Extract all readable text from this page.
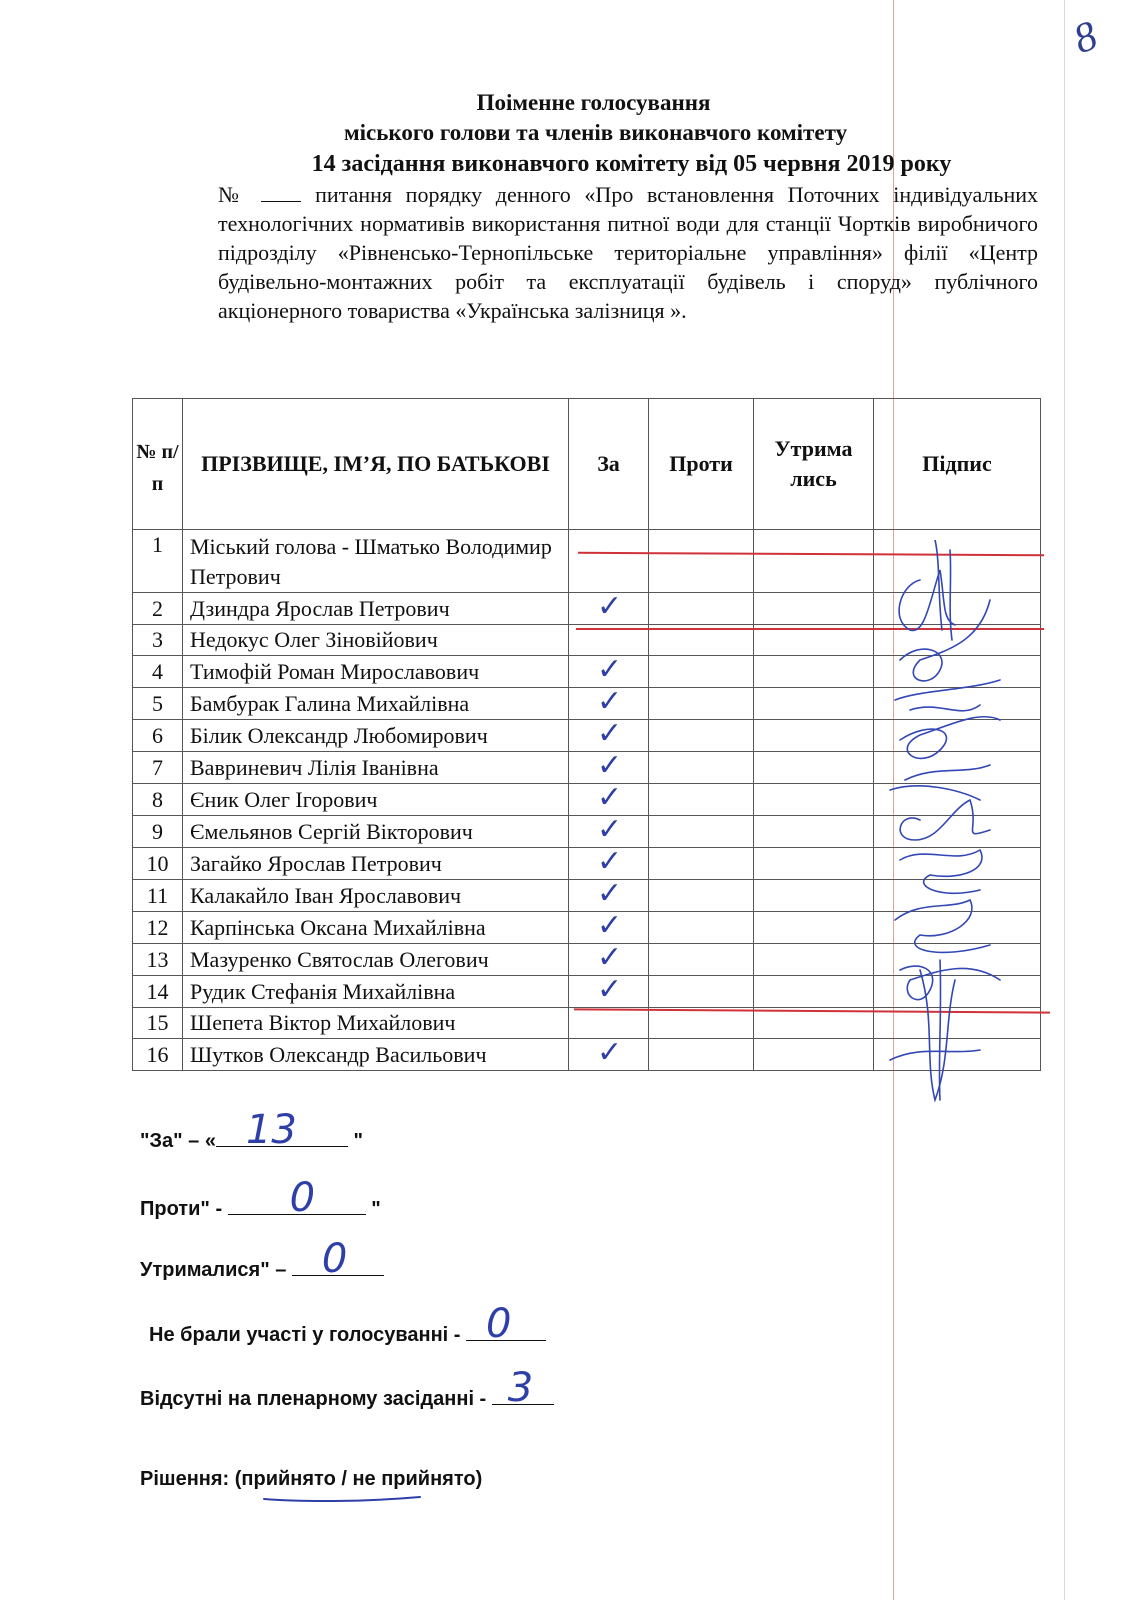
8
Поіменне голосування
міського голови та членів виконавчого комітету
14 засідання виконавчого комітету від 05 червня 2019 року
№	питання порядку денного «Про встановлення Поточних індивідуальних технологічних нормативів використання питної води для станції Чортків виробничого підрозділу «Рівненсько-Тернопільське територіальне управління» філії «Центр будівельно-монтажних робіт та експлуатації будівель і споруд» публічного акціонерного товариства «Українська залізниця ».
№ п/ п	ПРІЗВИЩЕ, ІМ’Я, ПО БАТЬКОВІ	За	Проти	Утрима лись	Підпис
1	Міський голова - Шматько Володимир Петрович				
2	Дзиндра Ярослав Петрович	✓			
3	Недокус Олег Зіновійович				
4	Тимофій Роман Мирославович	✓			
5	Бамбурак Галина Михайлівна	✓			
6	Білик Олександр Любомирович	✓			
7	Вавриневич Лілія Іванівна	✓			
8	Єник Олег Ігорович	✓			
9	Ємельянов Сергій Вікторович	✓			
10	Загайко Ярослав Петрович	✓			
11	Калакайло Іван Ярославович	✓			
12	Карпінська Оксана Михайлівна	✓			
13	Мазуренко Святослав Олегович	✓			
14	Рудик Стефанія Михайлівна	✓			
15	Шепета Віктор Михайлович				
16	Шутков Олександр Васильович	✓			
"За" – « 13	"
Проти" - 0	"
Утрималися" – 0
Не брали участі у голосуванні - 0
Відсутні на пленарному засіданні - 3
Рішення: (прийнято / не прийнято)
